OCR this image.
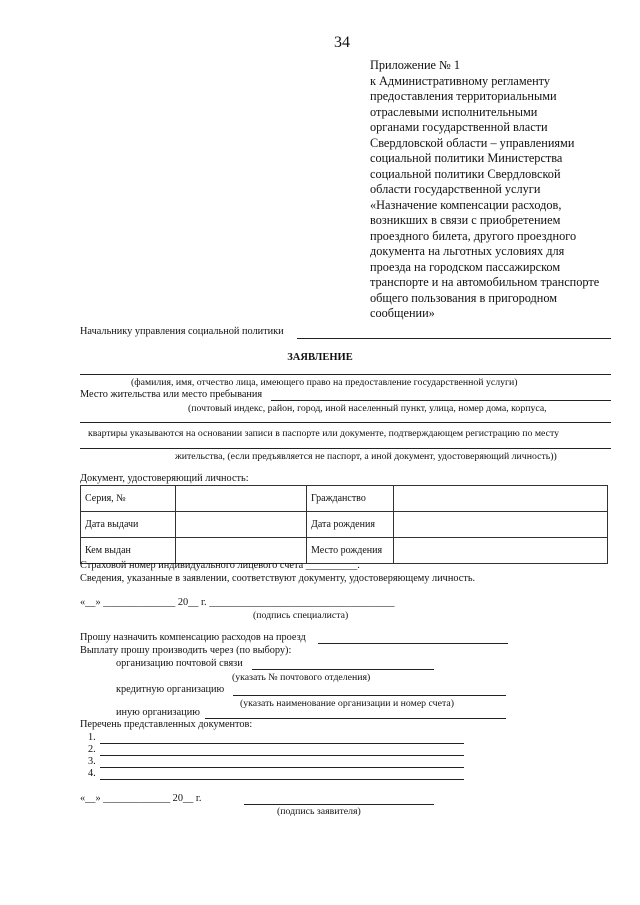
34
Приложение № 1
к Административному регламенту
предоставления территориальными
отраслевыми исполнительными
органами государственной власти
Свердловской области – управлениями
социальной политики Министерства
социальной политики Свердловской
области государственной услуги
«Назначение компенсации расходов,
возникших в связи с приобретением
проездного билета, другого проездного
документа на льготных условиях для
проезда на городском пассажирском
транспорте и на автомобильном транспорте
общего пользования в пригородном
сообщении»
Начальнику управления социальной политики
ЗАЯВЛЕНИЕ
(фамилия, имя, отчество лица, имеющего право на предоставление государственной услуги)
Место жительства или место пребывания
(почтовый индекс, район, город, иной населенный пункт, улица, номер дома, корпуса,
квартиры указываются на основании записи в паспорте или документе, подтверждающем регистрацию по месту
жительства, (если предъявляется не паспорт, а иной документ, удостоверяющий личность))
Документ, удостоверяющий личность:
Серия, №		Гражданство	
Дата выдачи		Дата рождения	
Кем выдан		Место рождения	
Страховой номер индивидуального лицевого счета __________.
Сведения, указанные в заявлении, соответствуют документу, удостоверяющему личность.
«__» ______________ 20__ г. ____________________________________
(подпись специалиста)
Прошу назначить компенсацию расходов на проезд
Выплату прошу производить через (по выбору):
организацию почтовой связи
(указать № почтового отделения)
кредитную организацию
(указать наименование организации и номер счета)
иную организацию
Перечень представленных документов:
1.
2.
3.
4.
«__» _____________ 20__ г.
(подпись заявителя)
